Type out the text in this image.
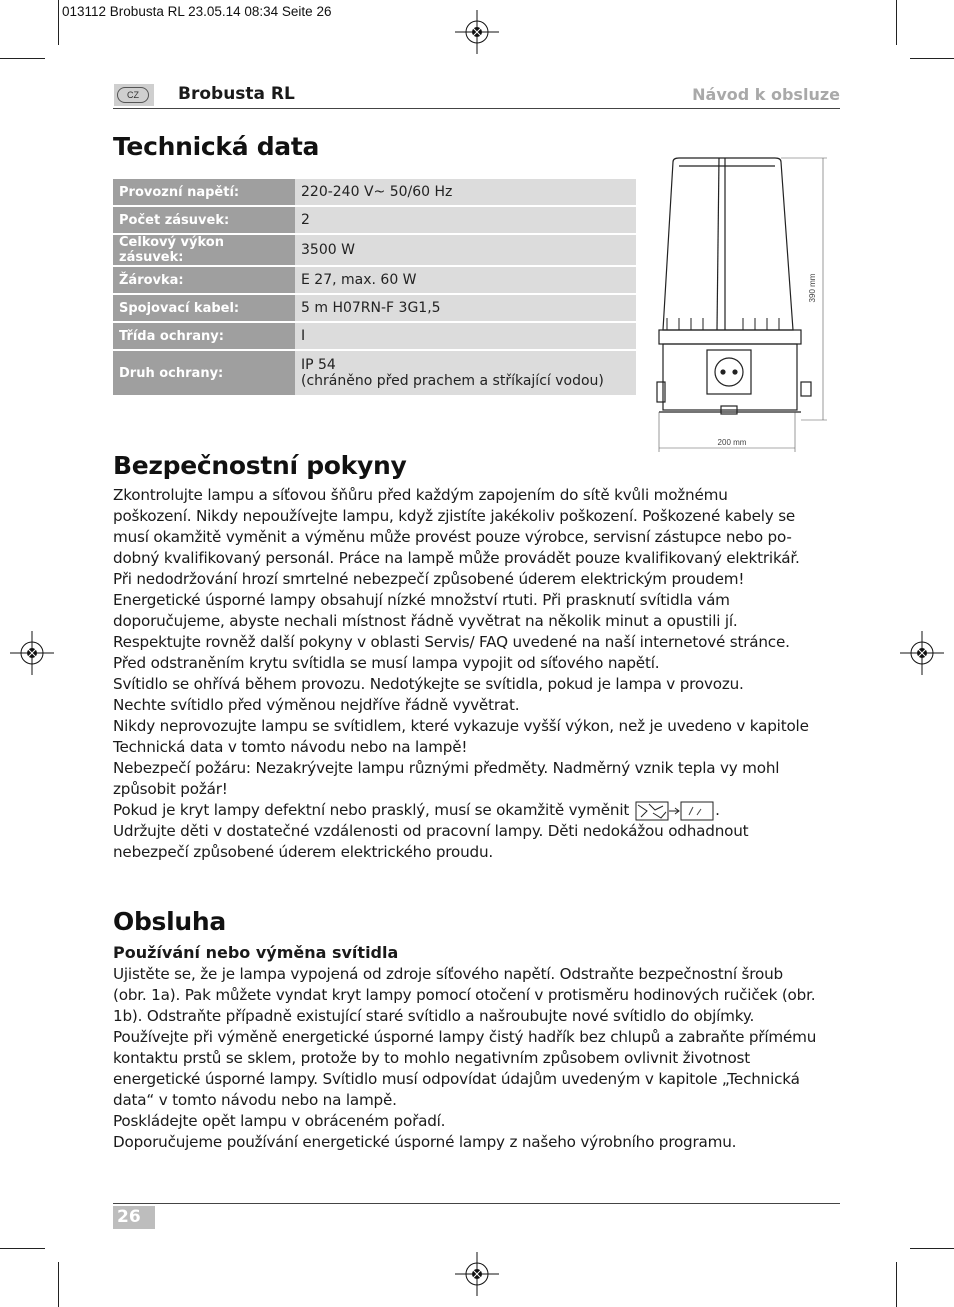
013112 Brobusta RL 23.05.14 08:34 Seite 26
CZ	Brobusta RL	Návod k obsluze
Technická data
Provozní napětí:	220-240 V~ 50/60 Hz
Počet zásuvek:	2
Celkový výkon zásuvek:	3500 W
Žárovka:	E 27, max. 60 W
Spojovací kabel:	5 m H07RN-F 3G1,5
Třída ochrany:	I
Druh ochrany:	IP 54
(chráněno před prachem a stříkající vodou)
390 mm
200 mm
Bezpečnostní pokyny
Zkontrolujte lampu a síťovou šňůru před každým zapojením do sítě kvůli možnému
poškození. Nikdy nepoužívejte lampu, když zjistíte jakékoliv poškození. Poškozené kabely se
musí okamžitě vyměnit a výměnu může provést pouze výrobce, servisní zástupce nebo po-
dobný kvalifikovaný personál. Práce na lampě může provádět pouze kvalifikovaný elektrikář.
Při nedodržování hrozí smrtelné nebezpečí způsobené úderem elektrickým proudem!
Energetické úsporné lampy obsahují nízké množství rtuti. Při prasknutí svítidla vám
doporučujeme, abyste nechali místnost řádně vyvětrat na několik minut a opustili jí.
Respektujte rovněž další pokyny v oblasti Servis/ FAQ uvedené na naší internetové stránce.
Před odstraněním krytu svítidla se musí lampa vypojit od síťového napětí.
Svítidlo se ohřívá během provozu. Nedotýkejte se svítidla, pokud je lampa v provozu.
Nechte svítidlo před výměnou nejdříve řádně vyvětrat.
Nikdy neprovozujte lampu se svítidlem, které vykazuje vyšší výkon, než je uvedeno v kapitole
Technická data v tomto návodu nebo na lampě!
Nebezpečí požáru: Nezakrývejte lampu různými předměty. Nadměrný vznik tepla vy mohl
způsobit požár!
Pokud je kryt lampy defektní nebo prasklý, musí se okamžitě vyměnit	.
Udržujte děti v dostatečné vzdálenosti od pracovní lampy. Děti nedokážou odhadnout
nebezpečí způsobené úderem elektrického proudu.
Obsluha
Používání nebo výměna svítidla
Ujistěte se, že je lampa vypojená od zdroje síťového napětí. Odstraňte bezpečnostní šroub
(obr. 1a). Pak můžete vyndat kryt lampy pomocí otočení v protisměru hodinových ručiček (obr.
1b). Odstraňte případně existující staré svítidlo a našroubujte nové svítidlo do objímky.
Používejte při výměně energetické úsporné lampy čistý hadřík bez chlupů a zabraňte přímému
kontaktu prstů se sklem, protože by to mohlo negativním způsobem ovlivnit životnost
energetické úsporné lampy. Svítidlo musí odpovídat údajům uvedeným v kapitole „Technická
data“ v tomto návodu nebo na lampě.
Poskládejte opět lampu v obráceném pořadí.
Doporučujeme používání energetické úsporné lampy z našeho výrobního programu.
26
